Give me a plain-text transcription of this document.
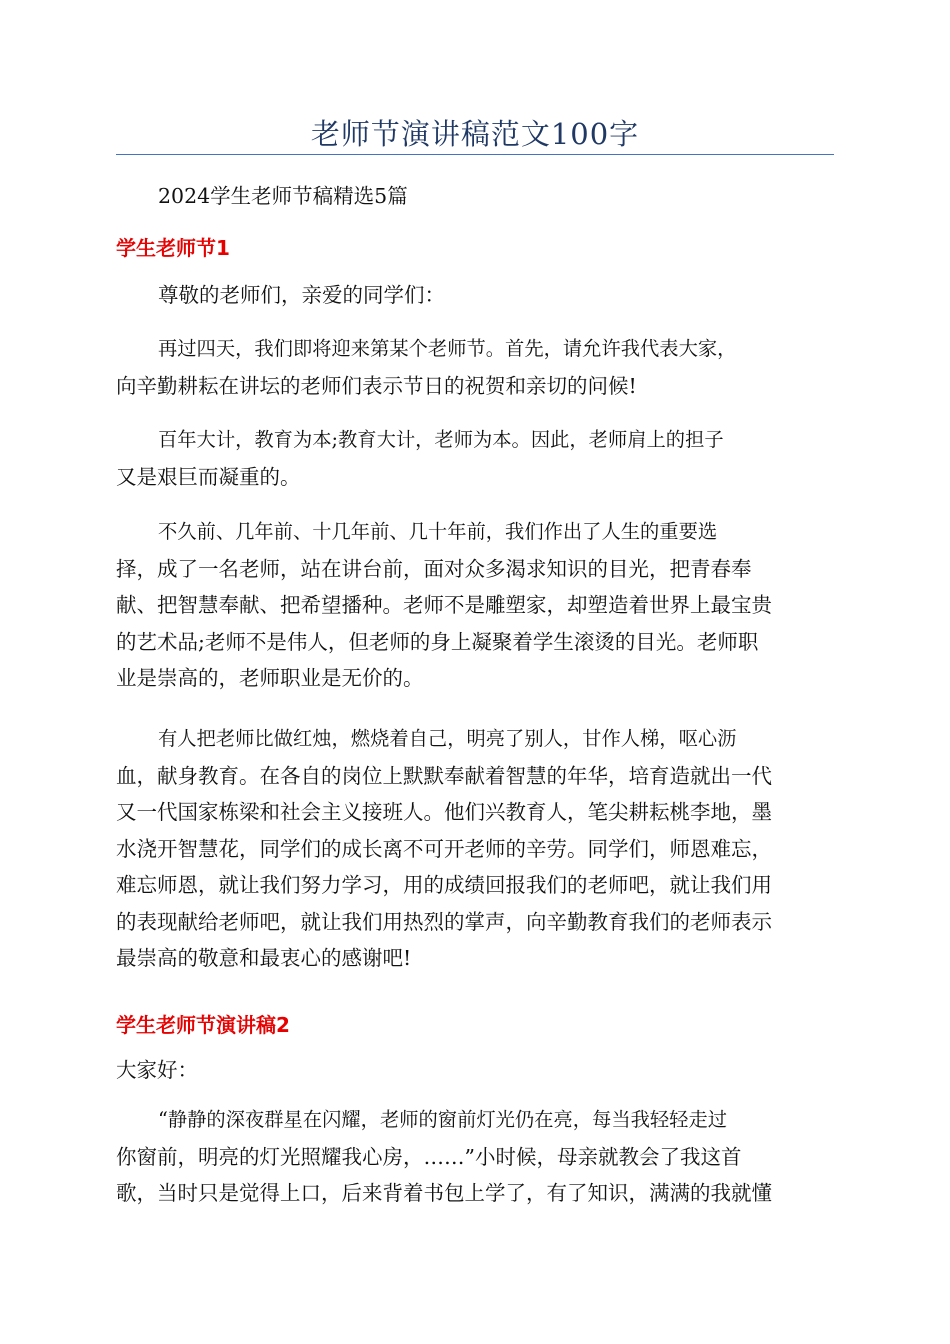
老师节演讲稿范文100字

2024学生老师节稿精选5篇

学生老师节1

尊敬的老师们，亲爱的同学们：

再过四天，我们即将迎来第某个老师节。首先，请允许我代表大家，
向辛勤耕耘在讲坛的老师们表示节日的祝贺和亲切的问候!

百年大计，教育为本;教育大计，老师为本。因此，老师肩上的担子
又是艰巨而凝重的。

不久前、几年前、十几年前、几十年前，我们作出了人生的重要选
择，成了一名老师，站在讲台前，面对众多渴求知识的目光，把青春奉
献、把智慧奉献、把希望播种。老师不是雕塑家，却塑造着世界上最宝贵
的艺术品;老师不是伟人，但老师的身上凝聚着学生滚烫的目光。老师职
业是崇高的，老师职业是无价的。

有人把老师比做红烛，燃烧着自己，明亮了别人，甘作人梯，呕心沥
血，献身教育。在各自的岗位上默默奉献着智慧的年华，培育造就出一代
又一代国家栋梁和社会主义接班人。他们兴教育人，笔尖耕耘桃李地，墨
水浇开智慧花，同学们的成长离不可开老师的辛劳。同学们，师恩难忘，
难忘师恩，就让我们努力学习，用的成绩回报我们的老师吧，就让我们用
的表现献给老师吧，就让我们用热烈的掌声，向辛勤教育我们的老师表示
最崇高的敬意和最衷心的感谢吧!

学生老师节演讲稿2

大家好：

“静静的深夜群星在闪耀，老师的窗前灯光仍在亮，每当我轻轻走过
你窗前，明亮的灯光照耀我心房，……”小时候，母亲就教会了我这首
歌，当时只是觉得上口，后来背着书包上学了，有了知识，满满的我就懂
